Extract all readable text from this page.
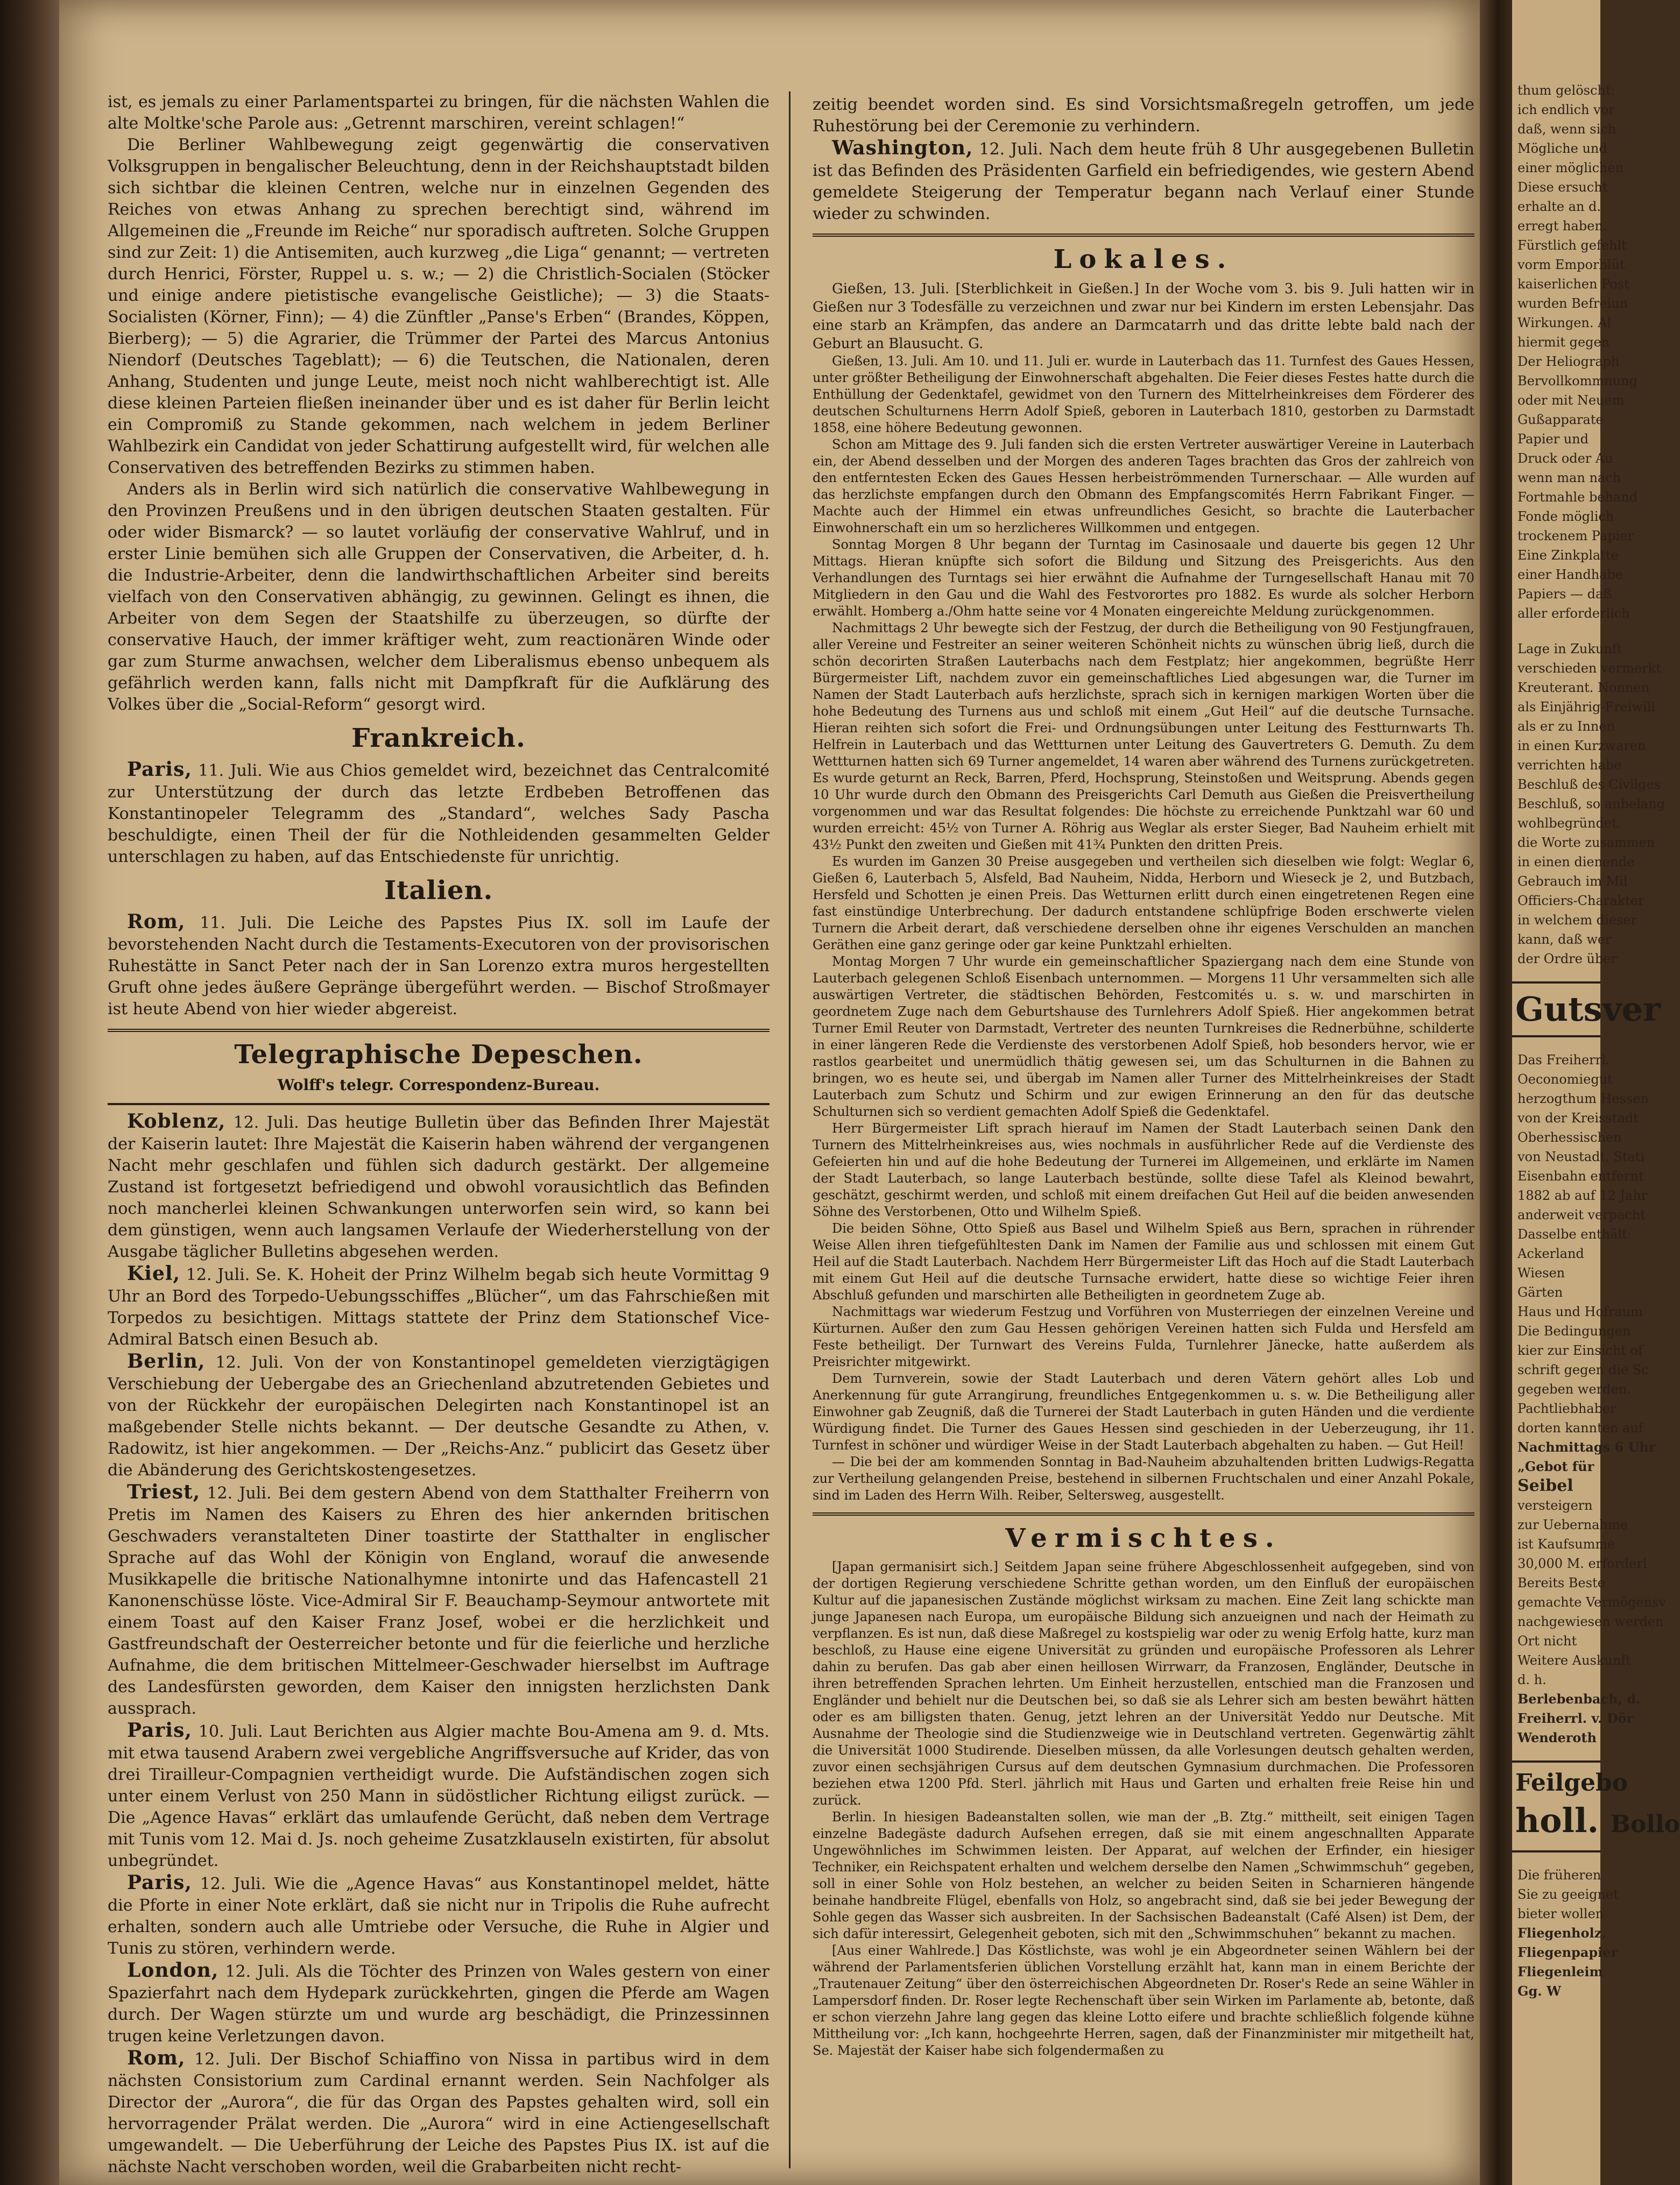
ist, es jemals zu einer Parlamentspartei zu bringen, für die nächsten Wahlen die alte Moltke'sche Parole aus: „Getrennt marschiren, vereint schlagen!“

Die Berliner Wahlbewegung zeigt gegenwärtig die conservativen Volksgruppen in bengalischer Beleuchtung, denn in der Reichshauptstadt bilden sich sichtbar die kleinen Centren, welche nur in einzelnen Gegenden des Reiches von etwas Anhang zu sprechen berechtigt sind, während im Allgemeinen die „Freunde im Reiche“ nur sporadisch auftreten. Solche Gruppen sind zur Zeit: 1) die Antisemiten, auch kurzweg „die Liga“ genannt; — vertreten durch Henrici, Förster, Ruppel u. s. w.; — 2) die Christlich-Socialen (Stöcker und einige andere pietistische evangelische Geistliche); — 3) die Staats-Socialisten (Körner, Finn); — 4) die Zünftler „Panse's Erben“ (Brandes, Köppen, Bierberg); — 5) die Agrarier, die Trümmer der Partei des Marcus Antonius Niendorf (Deutsches Tageblatt); — 6) die Teutschen, die Nationalen, deren Anhang, Studenten und junge Leute, meist noch nicht wahlberechtigt ist. Alle diese kleinen Parteien fließen ineinander über und es ist daher für Berlin leicht ein Compromiß zu Stande gekommen, nach welchem in jedem Berliner Wahlbezirk ein Candidat von jeder Schattirung aufgestellt wird, für welchen alle Conservativen des betreffenden Bezirks zu stimmen haben.

Anders als in Berlin wird sich natürlich die conservative Wahlbewegung in den Provinzen Preußens und in den übrigen deutschen Staaten gestalten. Für oder wider Bismarck? — so lautet vorläufig der conservative Wahlruf, und in erster Linie bemühen sich alle Gruppen der Conservativen, die Arbeiter, d. h. die Industrie-Arbeiter, denn die landwirthschaftlichen Arbeiter sind bereits vielfach von den Conservativen abhängig, zu gewinnen. Gelingt es ihnen, die Arbeiter von dem Segen der Staatshilfe zu überzeugen, so dürfte der conservative Hauch, der immer kräftiger weht, zum reactionären Winde oder gar zum Sturme anwachsen, welcher dem Liberalismus ebenso unbequem als gefährlich werden kann, falls nicht mit Dampfkraft für die Aufklärung des Volkes über die „Social-Reform“ gesorgt wird.

Frankreich.

Paris, 11. Juli. Wie aus Chios gemeldet wird, bezeichnet das Centralcomité zur Unterstützung der durch das letzte Erdbeben Betroffenen das Konstantinopeler Telegramm des „Standard“, welches Sady Pascha beschuldigte, einen Theil der für die Nothleidenden gesammelten Gelder unterschlagen zu haben, auf das Entschiedenste für unrichtig.

Italien.

Rom, 11. Juli. Die Leiche des Papstes Pius IX. soll im Laufe der bevorstehenden Nacht durch die Testaments-Executoren von der provisorischen Ruhestätte in Sanct Peter nach der in San Lorenzo extra muros hergestellten Gruft ohne jedes äußere Gepränge übergeführt werden. — Bischof Stroßmayer ist heute Abend von hier wieder abgereist.

Telegraphische Depeschen.
Wolff's telegr. Correspondenz-Bureau.

Koblenz, 12. Juli. Das heutige Bulletin über das Befinden Ihrer Majestät der Kaiserin lautet: Ihre Majestät die Kaiserin haben während der vergangenen Nacht mehr geschlafen und fühlen sich dadurch gestärkt. Der allgemeine Zustand ist fortgesetzt befriedigend und obwohl vorausichtlich das Befinden noch mancherlei kleinen Schwankungen unterworfen sein wird, so kann bei dem günstigen, wenn auch langsamen Verlaufe der Wiederherstellung von der Ausgabe täglicher Bulletins abgesehen werden.

Kiel, 12. Juli. Se. K. Hoheit der Prinz Wilhelm begab sich heute Vormittag 9 Uhr an Bord des Torpedo-Uebungsschiffes „Blücher“, um das Fahrschießen mit Torpedos zu besichtigen. Mittags stattete der Prinz dem Stationschef Vice-Admiral Batsch einen Besuch ab.

Berlin, 12. Juli. Von der von Konstantinopel gemeldeten vierzigtägigen Verschiebung der Uebergabe des an Griechenland abzutretenden Gebietes und von der Rückkehr der europäischen Delegirten nach Konstantinopel ist an maßgebender Stelle nichts bekannt. — Der deutsche Gesandte zu Athen, v. Radowitz, ist hier angekommen. — Der „Reichs-Anz.“ publicirt das Gesetz über die Abänderung des Gerichtskostengesetzes.

Triest, 12. Juli. Bei dem gestern Abend von dem Statthalter Freiherrn von Pretis im Namen des Kaisers zu Ehren des hier ankernden britischen Geschwaders veranstalteten Diner toastirte der Statthalter in englischer Sprache auf das Wohl der Königin von England, worauf die anwesende Musikkapelle die britische Nationalhymne intonirte und das Hafencastell 21 Kanonenschüsse löste. Vice-Admiral Sir F. Beauchamp-Seymour antwortete mit einem Toast auf den Kaiser Franz Josef, wobei er die herzlichkeit und Gastfreundschaft der Oesterreicher betonte und für die feierliche und herzliche Aufnahme, die dem britischen Mittelmeer-Geschwader hierselbst im Auftrage des Landesfürsten geworden, dem Kaiser den innigsten herzlichsten Dank aussprach.

Paris, 10. Juli. Laut Berichten aus Algier machte Bou-Amena am 9. d. Mts. mit etwa tausend Arabern zwei vergebliche Angriffsversuche auf Krider, das von drei Tirailleur-Compagnien vertheidigt wurde. Die Aufständischen zogen sich unter einem Verlust von 250 Mann in südöstlicher Richtung eiligst zurück. — Die „Agence Havas“ erklärt das umlaufende Gerücht, daß neben dem Vertrage mit Tunis vom 12. Mai d. Js. noch geheime Zusatzklauseln existirten, für absolut unbegründet.

Paris, 12. Juli. Wie die „Agence Havas“ aus Konstantinopel meldet, hätte die Pforte in einer Note erklärt, daß sie nicht nur in Tripolis die Ruhe aufrecht erhalten, sondern auch alle Umtriebe oder Versuche, die Ruhe in Algier und Tunis zu stören, verhindern werde.

London, 12. Juli. Als die Töchter des Prinzen von Wales gestern von einer Spazierfahrt nach dem Hydepark zurückkehrten, gingen die Pferde am Wagen durch. Der Wagen stürzte um und wurde arg beschädigt, die Prinzessinnen trugen keine Verletzungen davon.

Rom, 12. Juli. Der Bischof Schiaffino von Nissa in partibus wird in dem nächsten Consistorium zum Cardinal ernannt werden. Sein Nachfolger als Director der „Aurora“, die für das Organ des Papstes gehalten wird, soll ein hervorragender Prälat werden. Die „Aurora“ wird in eine Actiengesellschaft umgewandelt. — Die Ueberführung der Leiche des Papstes Pius IX. ist auf die nächste Nacht verschoben worden, weil die Grabarbeiten nicht recht-

zeitig beendet worden sind. Es sind Vorsichtsmaßregeln getroffen, um jede Ruhestörung bei der Ceremonie zu verhindern.

Washington, 12. Juli. Nach dem heute früh 8 Uhr ausgegebenen Bulletin ist das Befinden des Präsidenten Garfield ein befriedigendes, wie gestern Abend gemeldete Steigerung der Temperatur begann nach Verlauf einer Stunde wieder zu schwinden.

Lokales.

Gießen, 13. Juli. [Sterblichkeit in Gießen.] In der Woche vom 3. bis 9. Juli hatten wir in Gießen nur 3 Todesfälle zu verzeichnen und zwar nur bei Kindern im ersten Lebensjahr. Das eine starb an Krämpfen, das andere an Darmcatarrh und das dritte lebte bald nach der Geburt an Blausucht. G.

Gießen, 13. Juli. Am 10. und 11. Juli er. wurde in Lauterbach das 11. Turnfest des Gaues Hessen, unter größter Betheiligung der Einwohnerschaft abgehalten. Die Feier dieses Festes hatte durch die Enthüllung der Gedenktafel, gewidmet von den Turnern des Mittelrheinkreises dem Förderer des deutschen Schulturnens Herrn Adolf Spieß, geboren in Lauterbach 1810, gestorben zu Darmstadt 1858, eine höhere Bedeutung gewonnen.

Schon am Mittage des 9. Juli fanden sich die ersten Vertreter auswärtiger Vereine in Lauterbach ein, der Abend desselben und der Morgen des anderen Tages brachten das Gros der zahlreich von den entferntesten Ecken des Gaues Hessen herbeiströmmenden Turnerschaar. — Alle wurden auf das herzlichste empfangen durch den Obmann des Empfangscomités Herrn Fabrikant Finger. — Machte auch der Himmel ein etwas unfreundliches Gesicht, so brachte die Lauterbacher Einwohnerschaft ein um so herzlicheres Willkommen und entgegen.

Sonntag Morgen 8 Uhr begann der Turntag im Casinosaale und dauerte bis gegen 12 Uhr Mittags. Hieran knüpfte sich sofort die Bildung und Sitzung des Preisgerichts. Aus den Verhandlungen des Turntags sei hier erwähnt die Aufnahme der Turngesellschaft Hanau mit 70 Mitgliedern in den Gau und die Wahl des Festvorortes pro 1882. Es wurde als solcher Herborn erwählt. Homberg a./Ohm hatte seine vor 4 Monaten eingereichte Meldung zurückgenommen.

Nachmittags 2 Uhr bewegte sich der Festzug, der durch die Betheiligung von 90 Festjungfrauen, aller Vereine und Festreiter an seiner weiteren Schönheit nichts zu wünschen übrig ließ, durch die schön decorirten Straßen Lauterbachs nach dem Festplatz; hier angekommen, begrüßte Herr Bürgermeister Lift, nachdem zuvor ein gemeinschaftliches Lied abgesungen war, die Turner im Namen der Stadt Lauterbach aufs herzlichste, sprach sich in kernigen markigen Worten über die hohe Bedeutung des Turnens aus und schloß mit einem „Gut Heil“ auf die deutsche Turnsache. Hieran reihten sich sofort die Frei- und Ordnungsübungen unter Leitung des Festturnwarts Th. Helfrein in Lauterbach und das Wettturnen unter Leitung des Gauvertreters G. Demuth. Zu dem Wettturnen hatten sich 69 Turner angemeldet, 14 waren aber während des Turnens zurückgetreten. Es wurde geturnt an Reck, Barren, Pferd, Hochsprung, Steinstoßen und Weitsprung. Abends gegen 10 Uhr wurde durch den Obmann des Preisgerichts Carl Demuth aus Gießen die Preisvertheilung vorgenommen und war das Resultat folgendes: Die höchste zu erreichende Punktzahl war 60 und wurden erreicht: 45½ von Turner A. Röhrig aus Weglar als erster Sieger, Bad Nauheim erhielt mit 43½ Punkt den zweiten und Gießen mit 41¾ Punkten den dritten Preis.

Es wurden im Ganzen 30 Preise ausgegeben und vertheilen sich dieselben wie folgt: Weglar 6, Gießen 6, Lauterbach 5, Alsfeld, Bad Nauheim, Nidda, Herborn und Wieseck je 2, und Butzbach, Hersfeld und Schotten je einen Preis. Das Wetturnen erlitt durch einen eingetretenen Regen eine fast einstündige Unterbrechung. Der dadurch entstandene schlüpfrige Boden erschwerte vielen Turnern die Arbeit derart, daß verschiedene derselben ohne ihr eigenes Verschulden an manchen Geräthen eine ganz geringe oder gar keine Punktzahl erhielten.

Montag Morgen 7 Uhr wurde ein gemeinschaftlicher Spaziergang nach dem eine Stunde von Lauterbach gelegenen Schloß Eisenbach unternommen. — Morgens 11 Uhr versammelten sich alle auswärtigen Vertreter, die städtischen Behörden, Festcomités u. s. w. und marschirten in geordnetem Zuge nach dem Geburtshause des Turnlehrers Adolf Spieß. Hier angekommen betrat Turner Emil Reuter von Darmstadt, Vertreter des neunten Turnkreises die Rednerbühne, schilderte in einer längeren Rede die Verdienste des verstorbenen Adolf Spieß, hob besonders hervor, wie er rastlos gearbeitet und unermüdlich thätig gewesen sei, um das Schulturnen in die Bahnen zu bringen, wo es heute sei, und übergab im Namen aller Turner des Mittelrheinkreises der Stadt Lauterbach zum Schutz und Schirm und zur ewigen Erinnerung an den für das deutsche Schulturnen sich so verdient gemachten Adolf Spieß die Gedenktafel.

Herr Bürgermeister Lift sprach hierauf im Namen der Stadt Lauterbach seinen Dank den Turnern des Mittelrheinkreises aus, wies nochmals in ausführlicher Rede auf die Verdienste des Gefeierten hin und auf die hohe Bedeutung der Turnerei im Allgemeinen, und erklärte im Namen der Stadt Lauterbach, so lange Lauterbach bestünde, sollte diese Tafel als Kleinod bewahrt, geschätzt, geschirmt werden, und schloß mit einem dreifachen Gut Heil auf die beiden anwesenden Söhne des Verstorbenen, Otto und Wilhelm Spieß.

Die beiden Söhne, Otto Spieß aus Basel und Wilhelm Spieß aus Bern, sprachen in rührender Weise Allen ihren tiefgefühltesten Dank im Namen der Familie aus und schlossen mit einem Gut Heil auf die Stadt Lauterbach. Nachdem Herr Bürgermeister Lift das Hoch auf die Stadt Lauterbach mit einem Gut Heil auf die deutsche Turnsache erwidert, hatte diese so wichtige Feier ihren Abschluß gefunden und marschirten alle Betheiligten in geordnetem Zuge ab.

Nachmittags war wiederum Festzug und Vorführen von Musterriegen der einzelnen Vereine und Kürturnen. Außer den zum Gau Hessen gehörigen Vereinen hatten sich Fulda und Hersfeld am Feste betheiligt. Der Turnwart des Vereins Fulda, Turnlehrer Jänecke, hatte außerdem als Preisrichter mitgewirkt.

Dem Turnverein, sowie der Stadt Lauterbach und deren Vätern gehört alles Lob und Anerkennung für gute Arrangirung, freundliches Entgegenkommen u. s. w. Die Betheiligung aller Einwohner gab Zeugniß, daß die Turnerei der Stadt Lauterbach in guten Händen und die verdiente Würdigung findet. Die Turner des Gaues Hessen sind geschieden in der Ueberzeugung, ihr 11. Turnfest in schöner und würdiger Weise in der Stadt Lauterbach abgehalten zu haben. — Gut Heil!

— Die bei der am kommenden Sonntag in Bad-Nauheim abzuhaltenden britten Ludwigs-Regatta zur Vertheilung gelangenden Preise, bestehend in silbernen Fruchtschalen und einer Anzahl Pokale, sind im Laden des Herrn Wilh. Reiber, Seltersweg, ausgestellt.

Vermischtes.

[Japan germanisirt sich.] Seitdem Japan seine frühere Abgeschlossenheit aufgegeben, sind von der dortigen Regierung verschiedene Schritte gethan worden, um den Einfluß der europäischen Kultur auf die japanesischen Zustände möglichst wirksam zu machen. Eine Zeit lang schickte man junge Japanesen nach Europa, um europäische Bildung sich anzueignen und nach der Heimath zu verpflanzen. Es ist nun, daß diese Maßregel zu kostspielig war oder zu wenig Erfolg hatte, kurz man beschloß, zu Hause eine eigene Universität zu gründen und europäische Professoren als Lehrer dahin zu berufen. Das gab aber einen heillosen Wirrwarr, da Franzosen, Engländer, Deutsche in ihren betreffenden Sprachen lehrten. Um Einheit herzustellen, entschied man die Franzosen und Engländer und behielt nur die Deutschen bei, so daß sie als Lehrer sich am besten bewährt hätten oder es am billigsten thaten. Genug, jetzt lehren an der Universität Yeddo nur Deutsche. Mit Ausnahme der Theologie sind die Studienzweige wie in Deutschland vertreten. Gegenwärtig zählt die Universität 1000 Studirende. Dieselben müssen, da alle Vorlesungen deutsch gehalten werden, zuvor einen sechsjährigen Cursus auf dem deutschen Gymnasium durchmachen. Die Professoren beziehen etwa 1200 Pfd. Sterl. jährlich mit Haus und Garten und erhalten freie Reise hin und zurück.

Berlin. In hiesigen Badeanstalten sollen, wie man der „B. Ztg.“ mittheilt, seit einigen Tagen einzelne Badegäste dadurch Aufsehen erregen, daß sie mit einem angeschnallten Apparate Ungewöhnliches im Schwimmen leisten. Der Apparat, auf welchen der Erfinder, ein hiesiger Techniker, ein Reichspatent erhalten und welchem derselbe den Namen „Schwimmschuh“ gegeben, soll in einer Sohle von Holz bestehen, an welcher zu beiden Seiten in Scharnieren hängende beinahe handbreite Flügel, ebenfalls von Holz, so angebracht sind, daß sie bei jeder Bewegung der Sohle gegen das Wasser sich ausbreiten. In der Sachsischen Badeanstalt (Café Alsen) ist Dem, der sich dafür interessirt, Gelegenheit geboten, sich mit den „Schwimmschuhen“ bekannt zu machen.

[Aus einer Wahlrede.] Das Köstlichste, was wohl je ein Abgeordneter seinen Wählern bei der während der Parlamentsferien üblichen Vorstellung erzählt hat, kann man in einem Berichte der „Trautenauer Zeitung“ über den österreichischen Abgeordneten Dr. Roser's Rede an seine Wähler in Lampersdorf finden. Dr. Roser legte Rechenschaft über sein Wirken im Parlamente ab, betonte, daß er schon vierzehn Jahre lang gegen das kleine Lotto eifere und brachte schließlich folgende kühne Mittheilung vor: „Ich kann, hochgeehrte Herren, sagen, daß der Finanzminister mir mitgetheilt hat, Se. Majestät der Kaiser habe sich folgendermaßen zu

thum gelöscht:
ich endlich vor
daß, wenn sich
Mögliche und
einer möglichen
Diese ersucht
erhalte an d.
erregt haben.
Fürstlich gefehlt
vorm Emporblüt
kaiserlichen Post
wurden Befreiun
Wirkungen. Al
hiermit gegen
Der Heliograph
Bervollkommnung
oder mit Neuem
Gußapparate
Papier und
Druck oder Au
wenn man nach
Fortmahle behand
Fonde möglich
trockenem Papier
Eine Zinkplatte
einer Handhabe
Papiers — daß
aller erforderlich
Lage in Zukunft
verschieden vermerkt
Kreuterant. Nonnen
als Einjährig-Freiwill
als er zu Innen
in einen Kurzwaren
verrichten habe
Beschluß des Civilges
Beschluß, so anbelang
wohlbegründet.
die Worte zusammen
in einen dienende
Gebrauch im Mil
Officiers-Charakter
in welchem dieser
kann, daß wer
der Ordre über
Gutsver
Das Freiherrl.
Oeconomiegut
herzogthum Hessen
von der Kreisstadt
Oberhessischen
von Neustadt, Stati
Eisenbahn entfernt
1882 ab auf 12 Jahr
anderweit verpacht
Dasselbe enthält:
Ackerland
Wiesen
Gärten
Haus und Hofraum
Die Bedingungen
kier zur Einsicht of
schrift gegen die Sc
gegeben werden.
Pachtliebhaber
dorten kannten auf
Nachmittags 6 Uhr
„Gebot für
Seibel
versteigern
zur Uebernahme
ist Kaufsumme
30,000 M. erforderl
Bereits Beste
gemachte Vermögensv
nachgewiesen werden
Ort nicht
Weitere Auskunft
d. h.
Berlebenbach, d.
Freiherrl. v. Dör
Wenderoth
Feilgebo
holl. Bollo
Die früheren
Sie zu geeignet
bieter wollen
Fliegenholz,
Fliegenpapier
Fliegenleim
Gg. W
